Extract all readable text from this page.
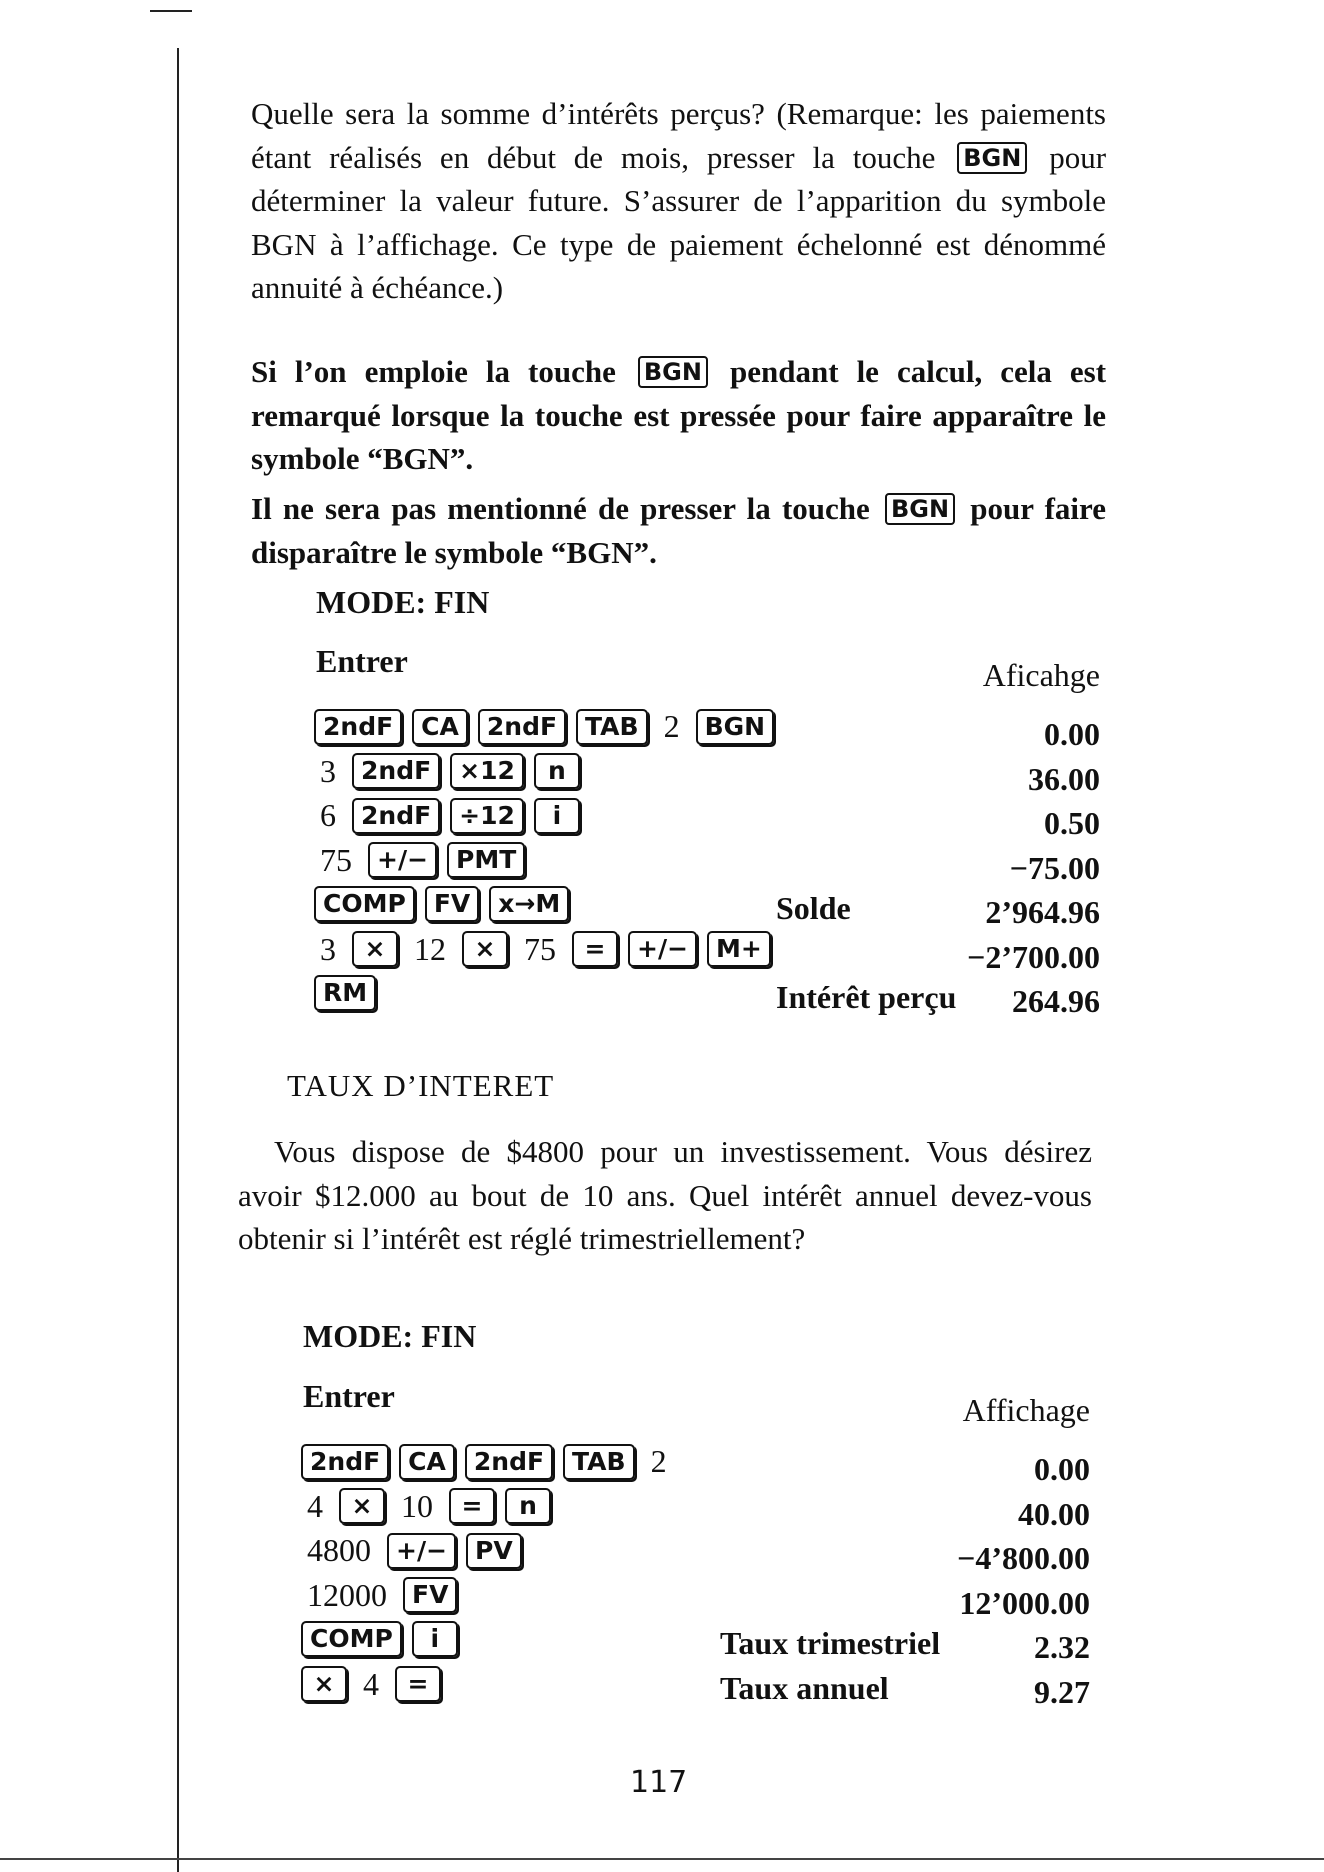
Quelle sera la somme d’intérêts perçus? (Remarque: les paiements étant réalisés en début de mois, presser la touche BGN pour déterminer la valeur future. S’assurer de l’apparition du symbole BGN à l’affichage. Ce type de paiement échelonné est dénommé annuité à échéance.)
Si l’on emploie la touche BGN pendant le calcul, cela est remarqué lorsque la touche est pressée pour faire apparaître le symbole “BGN”.
Il ne sera pas mentionné de presser la touche BGN pour faire disparaître le symbole “BGN”.
MODE: FIN
Entrer	Aficahge
2ndF	CA	2ndF	TAB 2	BGN	0.00
3	2ndF	×12	n	36.00
6	2ndF	÷12	i	0.50
75	+/−	PMT	−75.00
COMP	FV	x→M	Solde	2’964.96
3	× 12	× 75	=	+/−	M+	−2’700.00
RM	Intérêt perçu 264.96
TAUX D’INTERET
Vous dispose de $4800 pour un investissement. Vous désirez avoir $12.000 au bout de 10 ans. Quel intérêt annuel devez-vous obtenir si l’intérêt est réglé trimestriellement?
MODE: FIN
Entrer	Affichage
2ndF	CA	2ndF	TAB 2	0.00
4	× 10	=	n	40.00
4800	+/−	PV	−4’800.00
12000	FV	12’000.00
COMP	i	Taux trimestriel	2.32
× 4	=	Taux annuel	9.27
117
